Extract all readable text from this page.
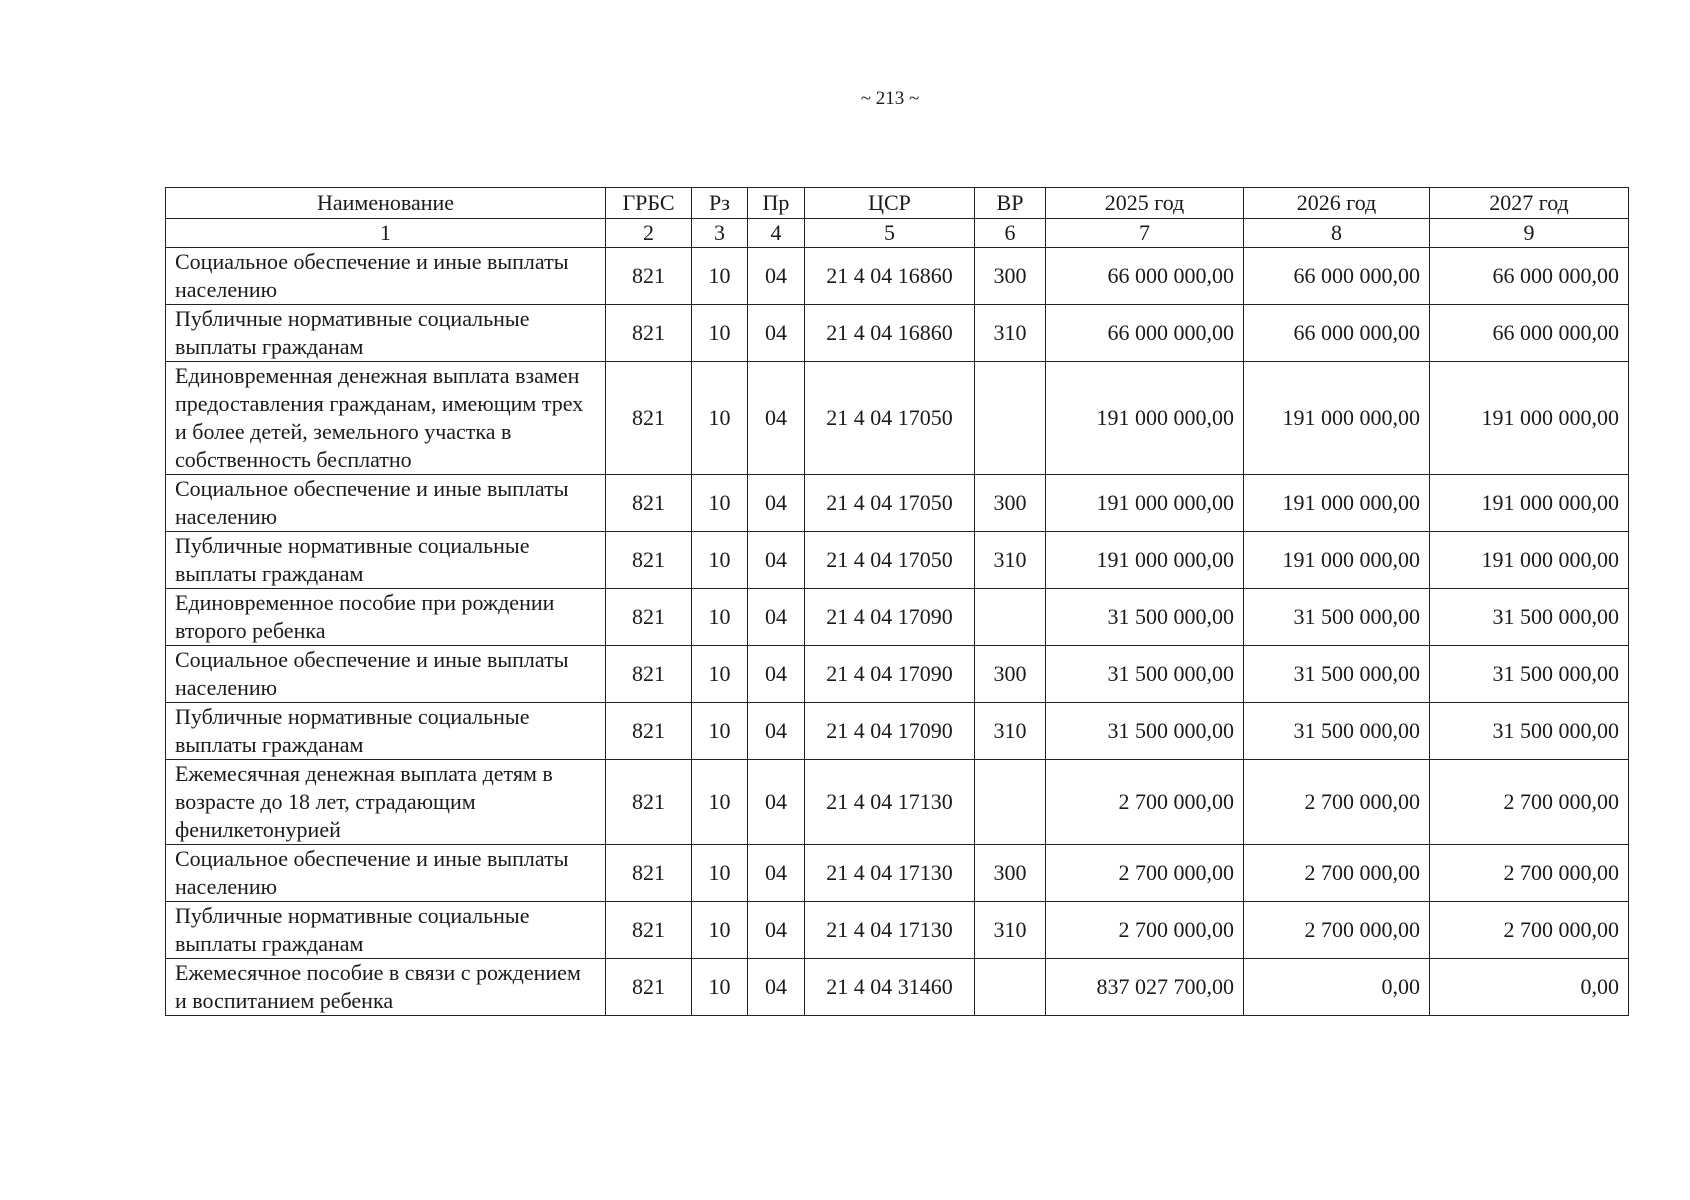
~ 213 ~
Наименование	ГРБС	Рз	Пр	ЦСР	ВР	2025 год	2026 год	2027 год
1	2	3	4	5	6	7	8	9
Социальное обеспечение и иные выплаты населению	821	10	04	21 4 04 16860	300	66 000 000,00	66 000 000,00	66 000 000,00
Публичные нормативные социальные выплаты гражданам	821	10	04	21 4 04 16860	310	66 000 000,00	66 000 000,00	66 000 000,00
Единовременная денежная выплата взамен предоставления гражданам, имеющим трех и более детей, земельного участка в собственность бесплатно	821	10	04	21 4 04 17050		191 000 000,00	191 000 000,00	191 000 000,00
Социальное обеспечение и иные выплаты населению	821	10	04	21 4 04 17050	300	191 000 000,00	191 000 000,00	191 000 000,00
Публичные нормативные социальные выплаты гражданам	821	10	04	21 4 04 17050	310	191 000 000,00	191 000 000,00	191 000 000,00
Единовременное пособие при рождении второго ребенка	821	10	04	21 4 04 17090		31 500 000,00	31 500 000,00	31 500 000,00
Социальное обеспечение и иные выплаты населению	821	10	04	21 4 04 17090	300	31 500 000,00	31 500 000,00	31 500 000,00
Публичные нормативные социальные выплаты гражданам	821	10	04	21 4 04 17090	310	31 500 000,00	31 500 000,00	31 500 000,00
Ежемесячная денежная выплата детям в возрасте до 18 лет, страдающим фенилкетонурией	821	10	04	21 4 04 17130		2 700 000,00	2 700 000,00	2 700 000,00
Социальное обеспечение и иные выплаты населению	821	10	04	21 4 04 17130	300	2 700 000,00	2 700 000,00	2 700 000,00
Публичные нормативные социальные выплаты гражданам	821	10	04	21 4 04 17130	310	2 700 000,00	2 700 000,00	2 700 000,00
Ежемесячное пособие в связи с рождением и воспитанием ребенка	821	10	04	21 4 04 31460		837 027 700,00	0,00	0,00
